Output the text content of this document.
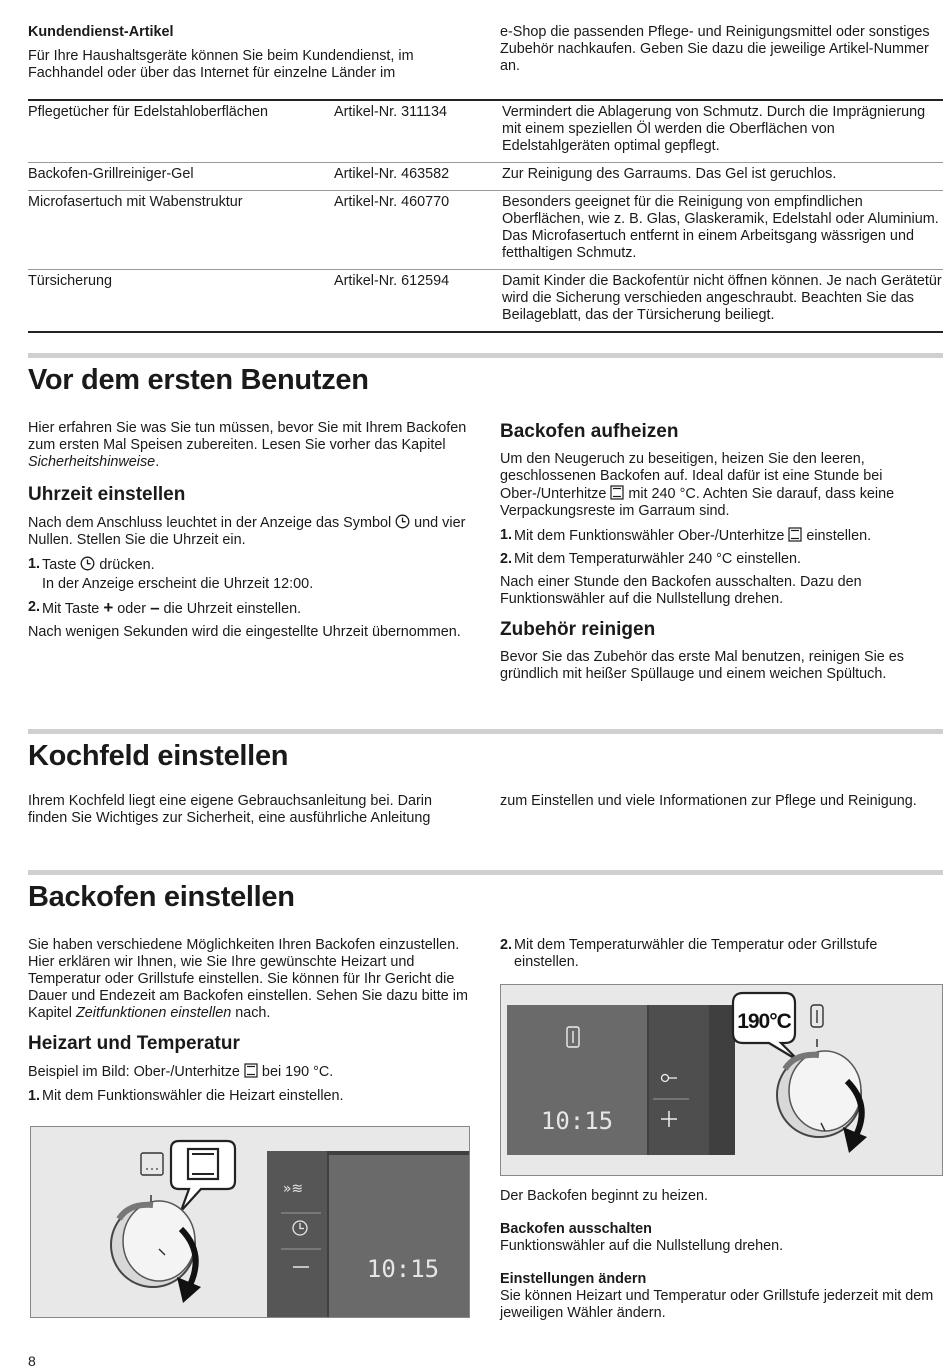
Kundendienst-Artikel

Für Ihre Haushaltsgeräte können Sie beim Kundendienst, im Fachhandel oder über das Internet für einzelne Länder im

e-Shop die passenden Pflege- und Reinigungsmittel oder sonstiges Zubehör nachkaufen. Geben Sie dazu die jeweilige Artikel-Nummer an.

Pflegetücher für Edelstahloberflächen	Artikel-Nr. 311134	Vermindert die Ablagerung von Schmutz. Durch die Imprägnierung mit einem speziellen Öl werden die Oberflächen von Edelstahlgeräten optimal gepflegt.
Backofen-Grillreiniger-Gel	Artikel-Nr. 463582	Zur Reinigung des Garraums. Das Gel ist geruchlos.
Microfasertuch mit Wabenstruktur	Artikel-Nr. 460770	Besonders geeignet für die Reinigung von empfindlichen Oberflächen, wie z. B. Glas, Glaskeramik, Edelstahl oder Aluminium. Das Microfasertuch entfernt in einem Arbeitsgang wässrigen und fetthaltigen Schmutz.
Türsicherung	Artikel-Nr. 612594	Damit Kinder die Backofentür nicht öffnen können. Je nach Gerätetür wird die Sicherung verschieden angeschraubt. Beachten Sie das Beilageblatt, das der Türsicherung beiliegt.
Vor dem ersten Benutzen

Hier erfahren Sie was Sie tun müssen, bevor Sie mit Ihrem Backofen zum ersten Mal Speisen zubereiten. Lesen Sie vorher das Kapitel Sicherheitshinweise.

Uhrzeit einstellen

Nach dem Anschluss leuchtet in der Anzeige das Symbol  und vier Nullen. Stellen Sie die Uhrzeit ein.

1. Taste  drücken.
In der Anzeige erscheint die Uhrzeit 12:00.
2. Mit Taste + oder – die Uhrzeit einstellen.

Nach wenigen Sekunden wird die eingestellte Uhrzeit übernommen.

Backofen aufheizen

Um den Neugeruch zu beseitigen, heizen Sie den leeren, geschlossenen Backofen auf. Ideal dafür ist eine Stunde bei Ober-/Unterhitze  mit 240 °C. Achten Sie darauf, dass keine Verpackungsreste im Garraum sind.

1. Mit dem Funktionswähler Ober-/Unterhitze  einstellen.
2. Mit dem Temperaturwähler 240 °C einstellen.

Nach einer Stunde den Backofen ausschalten. Dazu den Funktionswähler auf die Nullstellung drehen.

Zubehör reinigen

Bevor Sie das Zubehör das erste Mal benutzen, reinigen Sie es gründlich mit heißer Spüllauge und einem weichen Spültuch.

Kochfeld einstellen

Ihrem Kochfeld liegt eine eigene Gebrauchsanleitung bei. Darin finden Sie Wichtiges zur Sicherheit, eine ausführliche Anleitung

zum Einstellen und viele Informationen zur Pflege und Reinigung.

Backofen einstellen

Sie haben verschiedene Möglichkeiten Ihren Backofen einzustellen. Hier erklären wir Ihnen, wie Sie Ihre gewünschte Heizart und Temperatur oder Grillstufe einstellen. Sie können für Ihr Gericht die Dauer und Endezeit am Backofen einstellen. Sehen Sie dazu bitte im Kapitel Zeitfunktionen einstellen nach.

Heizart und Temperatur

Beispiel im Bild: Ober-/Unterhitze  bei 190 °C.

1. Mit dem Funktionswähler die Heizart einstellen.
»≋
10:15
2. Mit dem Temperaturwähler die Temperatur oder Grillstufe einstellen.
10:15
190°C

Der Backofen beginnt zu heizen.

Backofen ausschalten

Funktionswähler auf die Nullstellung drehen.

Einstellungen ändern

Sie können Heizart und Temperatur oder Grillstufe jederzeit mit dem jeweiligen Wähler ändern.

8
